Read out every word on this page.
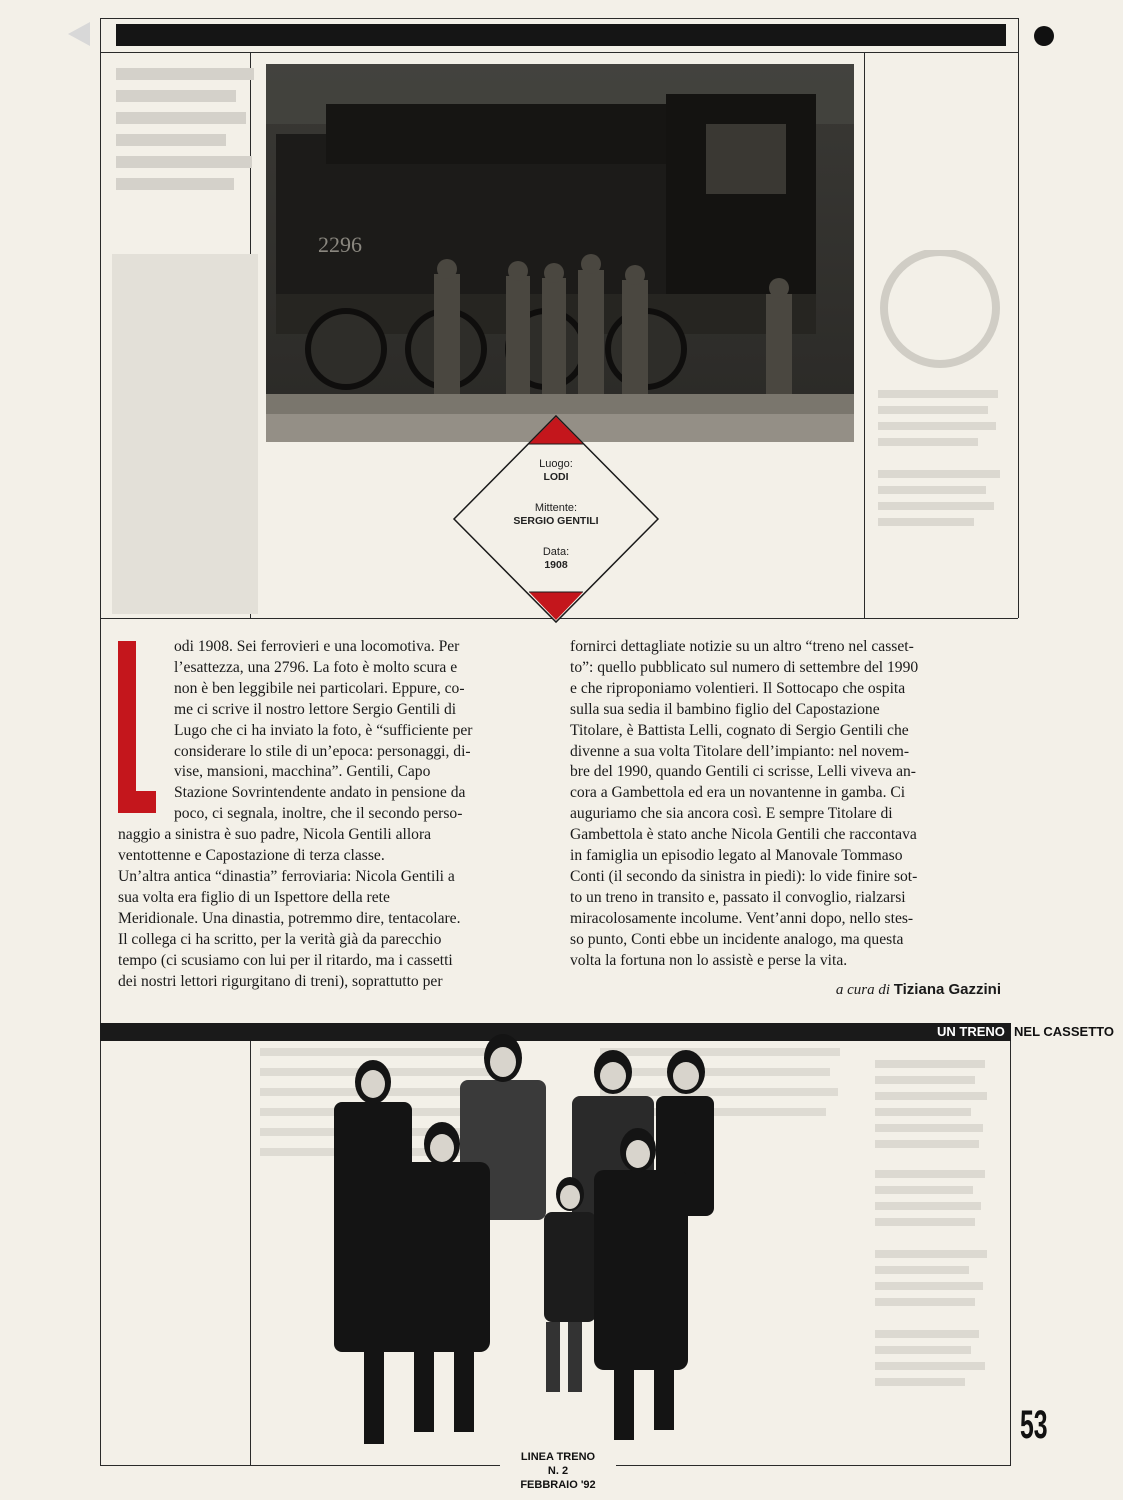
2296
Luogo:
LODI
Mittente:
SERGIO GENTILI
Data:
1908
odi 1908. Sei ferrovieri e una locomotiva. Per
l’esattezza, una 2796. La foto è molto scura e
non è ben leggibile nei particolari. Eppure, co-
me ci scrive il nostro lettore Sergio Gentili di
Lugo che ci ha inviato la foto, è “sufficiente per
considerare lo stile di un’epoca: personaggi, di-
vise, mansioni, macchina”. Gentili, Capo
Stazione Sovrintendente andato in pensione da
poco, ci segnala, inoltre, che il secondo perso-
naggio a sinistra è suo padre, Nicola Gentili allora
ventottenne e Capostazione di terza classe.
Un’altra antica “dinastia” ferroviaria: Nicola Gentili a
sua volta era figlio di un Ispettore della rete
Meridionale. Una dinastia, potremmo dire, tentacolare.
Il collega ci ha scritto, per la verità già da parecchio
tempo (ci scusiamo con lui per il ritardo, ma i cassetti
dei nostri lettori rigurgitano di treni), soprattutto per
fornirci dettagliate notizie su un altro “treno nel casset-
to”: quello pubblicato sul numero di settembre del 1990
e che riproponiamo volentieri. Il Sottocapo che ospita
sulla sua sedia il bambino figlio del Capostazione
Titolare, è Battista Lelli, cognato di Sergio Gentili che
divenne a sua volta Titolare dell’impianto: nel novem-
bre del 1990, quando Gentili ci scrisse, Lelli viveva an-
cora a Gambettola ed era un novantenne in gamba. Ci
auguriamo che sia ancora così. E sempre Titolare di
Gambettola è stato anche Nicola Gentili che raccontava
in famiglia un episodio legato al Manovale Tommaso
Conti (il secondo da sinistra in piedi): lo vide finire sot-
to un treno in transito e, passato il convoglio, rialzarsi
miracolosamente incolume. Vent’anni dopo, nello stes-
so punto, Conti ebbe un incidente analogo, ma questa
volta la fortuna non lo assistè e perse la vita.
a cura di Tiziana Gazzini
UN TRENO NEL CASSETTO
53
LINEA TRENO
N. 2
FEBBRAIO '92
